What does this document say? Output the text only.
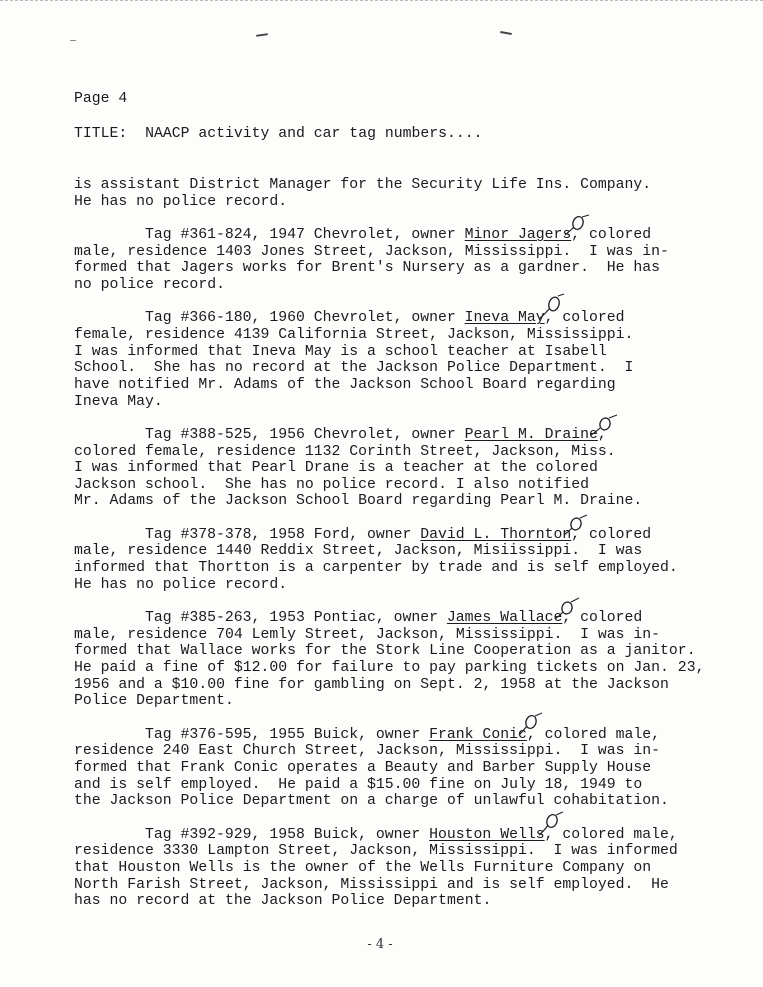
Page 4
TITLE: NAACP activity and car tag numbers....
is assistant District Manager for the Security Life Ins. Company.
He has no police record.
Tag #361-824, 1947 Chevrolet, owner Minor Jagers
, colored
male, residence 1403 Jones Street, Jackson, Mississippi.  I was in-
formed that Jagers works for Brent's Nursery as a gardner.  He has
no police record.
Tag #366-180, 1960 Chevrolet, owner Ineva May
, colored
female, residence 4139 California Street, Jackson, Mississippi.
I was informed that Ineva May is a school teacher at Isabell
School.  She has no record at the Jackson Police Department.  I
have notified Mr. Adams of the Jackson School Board regarding
Ineva May.
Tag #388-525, 1956 Chevrolet, owner Pearl M. Draine
,
colored female, residence 1132 Corinth Street, Jackson, Miss.
I was informed that Pearl Drane is a teacher at the colored
Jackson school.  She has no police record. I also notified
Mr. Adams of the Jackson School Board regarding Pearl M. Draine.
Tag #378-378, 1958 Ford, owner David L. Thornton
, colored
male, residence 1440 Reddix Street, Jackson, Misiissippi.  I was
informed that Thortton is a carpenter by trade and is self employed.
He has no police record.
Tag #385-263, 1953 Pontiac, owner James Wallace
, colored
male, residence 704 Lemly Street, Jackson, Mississippi.  I was in-
formed that Wallace works for the Stork Line Cooperation as a janitor.
He paid a fine of $12.00 for failure to pay parking tickets on Jan. 23,
1956 and a $10.00 fine for gambling on Sept. 2, 1958 at the Jackson
Police Department.
Tag #376-595, 1955 Buick, owner Frank Conic
, colored male,
residence 240 East Church Street, Jackson, Mississippi.  I was in-
formed that Frank Conic operates a Beauty and Barber Supply House
and is self employed.  He paid a $15.00 fine on July 18, 1949 to
the Jackson Police Department on a charge of unlawful cohabitation.
Tag #392-929, 1958 Buick, owner Houston Wells
, colored male,
residence 3330 Lampton Street, Jackson, Mississippi.  I was informed
that Houston Wells is the owner of the Wells Furniture Company on
North Farish Street, Jackson, Mississippi and is self employed.  He
has no record at the Jackson Police Department.
- 4 -
